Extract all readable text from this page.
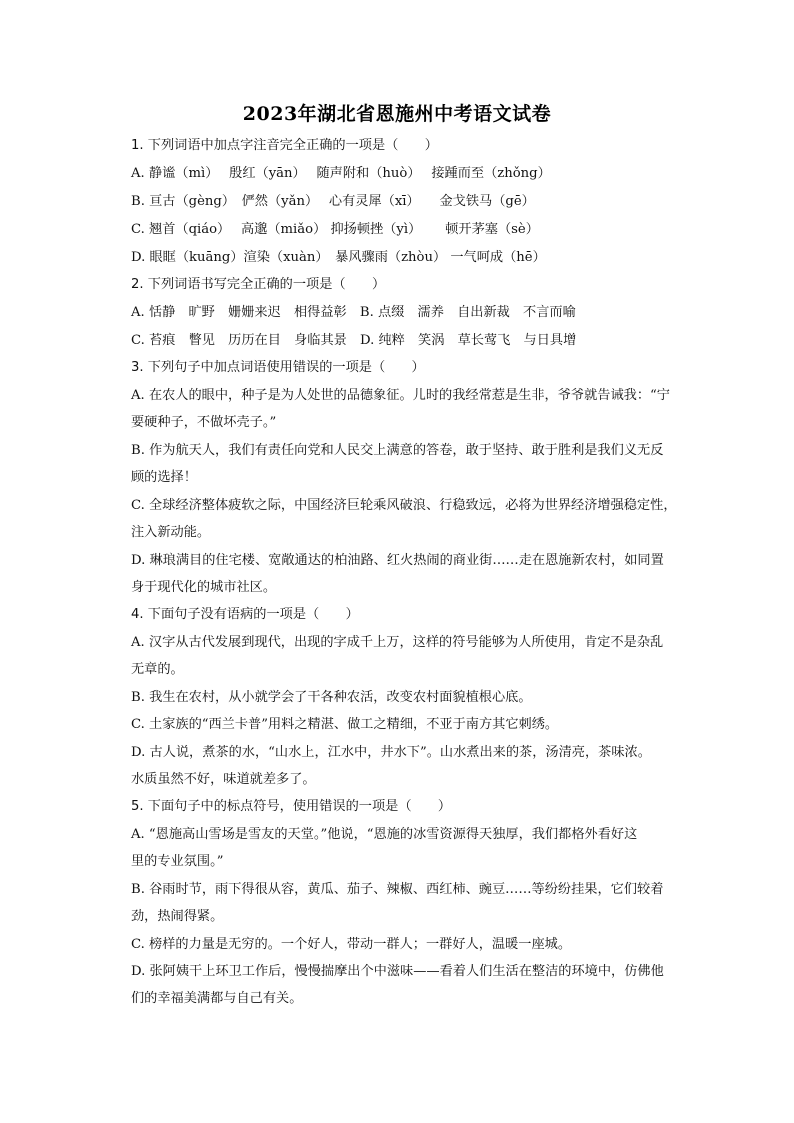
2023年湖北省恩施州中考语文试卷
1. 下列词语中加点字注音完全正确的一项是（　　）
A. 静谧（mì）　 殷红（yān）　 随声附和（huò）　 接踵而至（zhǒng）
B. 亘古（gèng）　俨然（yǎn）　 心有灵犀（xī）　　金戈铁马（gē）
C. 翘首（qiáo）　 高邈（miǎo） 抑扬顿挫（yì）　　 顿开茅塞（sè）
D. 眼眶（kuāng）渲染（xuàn）　暴风骤雨（zhòu） 一气呵成（hē）
2. 下列词语书写完全正确的一项是（　　）
A. 恬静　旷野　姗姗来迟　相得益彰　B. 点缀　濡养　自出新裁　不言而喻
C. 苔痕　瞥见　历历在目　身临其景　D. 纯粹　笑涡　草长莺飞　与日具增
3. 下列句子中加点词语使用错误的一项是（　　）
A. 在农人的眼中，种子是为人处世的品德象征。儿时的我经常惹是生非，爷爷就告诫我：“宁
要硬种子，不做坏壳子。”
B. 作为航天人，我们有责任向党和人民交上满意的答卷，敢于坚持、敢于胜利是我们义无反
顾的选择！
C. 全球经济整体疲软之际，中国经济巨轮乘风破浪、行稳致远，必将为世界经济增强稳定性，
注入新动能。
D. 琳琅满目的住宅楼、宽敞通达的柏油路、红火热闹的商业街……走在恩施新农村，如同置
身于现代化的城市社区。
4. 下面句子没有语病的一项是（　　）
A. 汉字从古代发展到现代，出现的字成千上万，这样的符号能够为人所使用，肯定不是杂乱
无章的。
B. 我生在农村，从小就学会了干各种农活，改变农村面貌植根心底。
C. 土家族的“西兰卡普”用料之精湛、做工之精细，不亚于南方其它刺绣。
D. 古人说，煮茶的水，“山水上，江水中，井水下”。山水煮出来的茶，汤清亮，茶味浓。
水质虽然不好，味道就差多了。
5. 下面句子中的标点符号，使用错误的一项是（　　）
A. “恩施高山雪场是雪友的天堂。”他说，“恩施的冰雪资源得天独厚，我们都格外看好这
里的专业氛围。”
B. 谷雨时节，雨下得很从容，黄瓜、茄子、辣椒、西红柿、豌豆……等纷纷挂果，它们较着
劲，热闹得紧。
C. 榜样的力量是无穷的。一个好人，带动一群人；一群好人，温暖一座城。
D. 张阿姨干上环卫工作后，慢慢揣摩出个中滋味——看着人们生活在整洁的环境中，仿佛他
们的幸福美满都与自己有关。
